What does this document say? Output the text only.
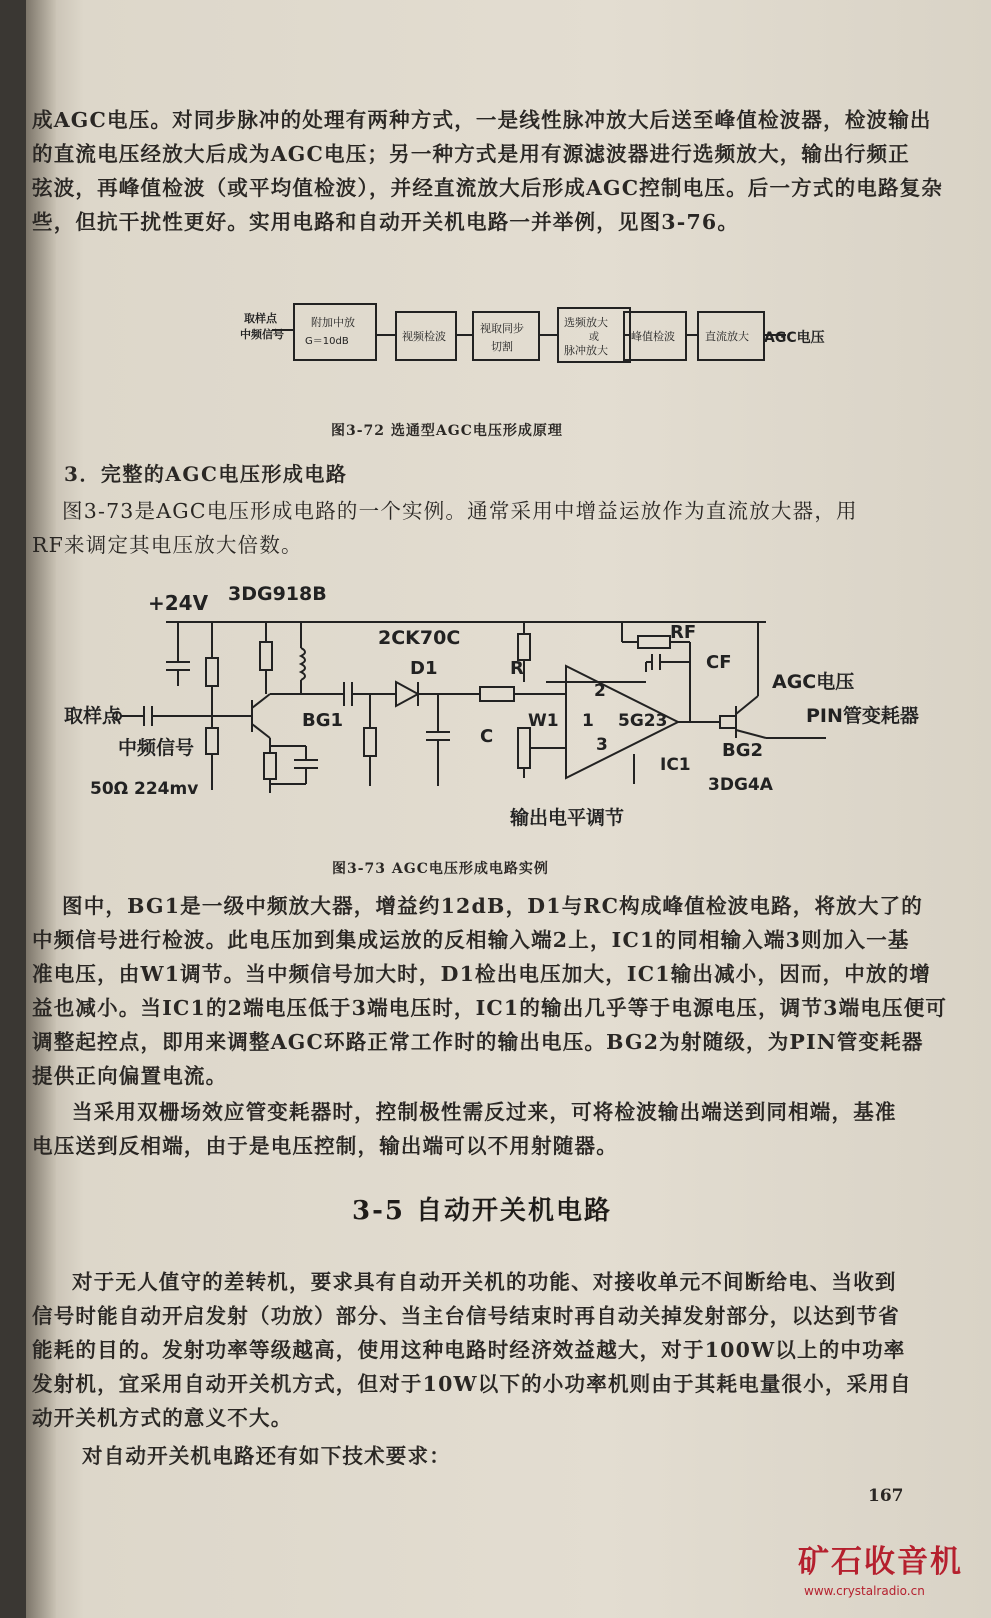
成AGC电压。对同步脉冲的处理有两种方式，一是线性脉冲放大后送至峰值检波器，检波输出

的直流电压经放大后成为AGC电压；另一种方式是用有源滤波器进行选频放大，输出行频正

弦波，再峰值检波（或平均值检波），并经直流放大后形成AGC控制电压。后一方式的电路复杂

些，但抗干扰性更好。实用电路和自动开关机电路一并举例，见图3-76。

取样点
中频信号
附加中放
G＝10dB	视频检波
视取同步
切割
选频放大
或
脉冲放大
峰值检波	直流放大 AGC电压
图3-72 选通型AGC电压形成原理
3．完整的AGC电压形成电路

图3-73是AGC电压形成电路的一个实例。通常采用中增益运放作为直流放大器，用

RF来调定其电压放大倍数。

+24V 3DG918B
2CK70C
D1	R
RF
CF
AGC电压
PIN管变耗器
取样点
中频信号
50Ω 224mv
BG1
C
W1
2
1
3
5G23
IC1
BG2
3DG4A
输出电平调节
图3-73 AGC电压形成电路实例

图中，BG1是一级中频放大器，增益约12dB，D1与RC构成峰值检波电路，将放大了的

中频信号进行检波。此电压加到集成运放的反相输入端2上，IC1的同相输入端3则加入一基

准电压，由W1调节。当中频信号加大时，D1检出电压加大，IC1输出减小，因而，中放的增

益也减小。当IC1的2端电压低于3端电压时，IC1的输出几乎等于电源电压，调节3端电压便可

调整起控点，即用来调整AGC环路正常工作时的输出电压。BG2为射随级，为PIN管变耗器

提供正向偏置电流。

当采用双栅场效应管变耗器时，控制极性需反过来，可将检波输出端送到同相端，基准

电压送到反相端，由于是电压控制，输出端可以不用射随器。

3-5 自动开关机电路

对于无人值守的差转机，要求具有自动开关机的功能、对接收单元不间断给电、当收到

信号时能自动开启发射（功放）部分、当主台信号结束时再自动关掉发射部分，以达到节省

能耗的目的。发射功率等级越高，使用这种电路时经济效益越大，对于100W以上的中功率

发射机，宜采用自动开关机方式，但对于10W以下的小功率机则由于其耗电量很小，采用自

动开关机方式的意义不大。

对自动开关机电路还有如下技术要求：

167
矿石收音机
www.crystalradio.cn
